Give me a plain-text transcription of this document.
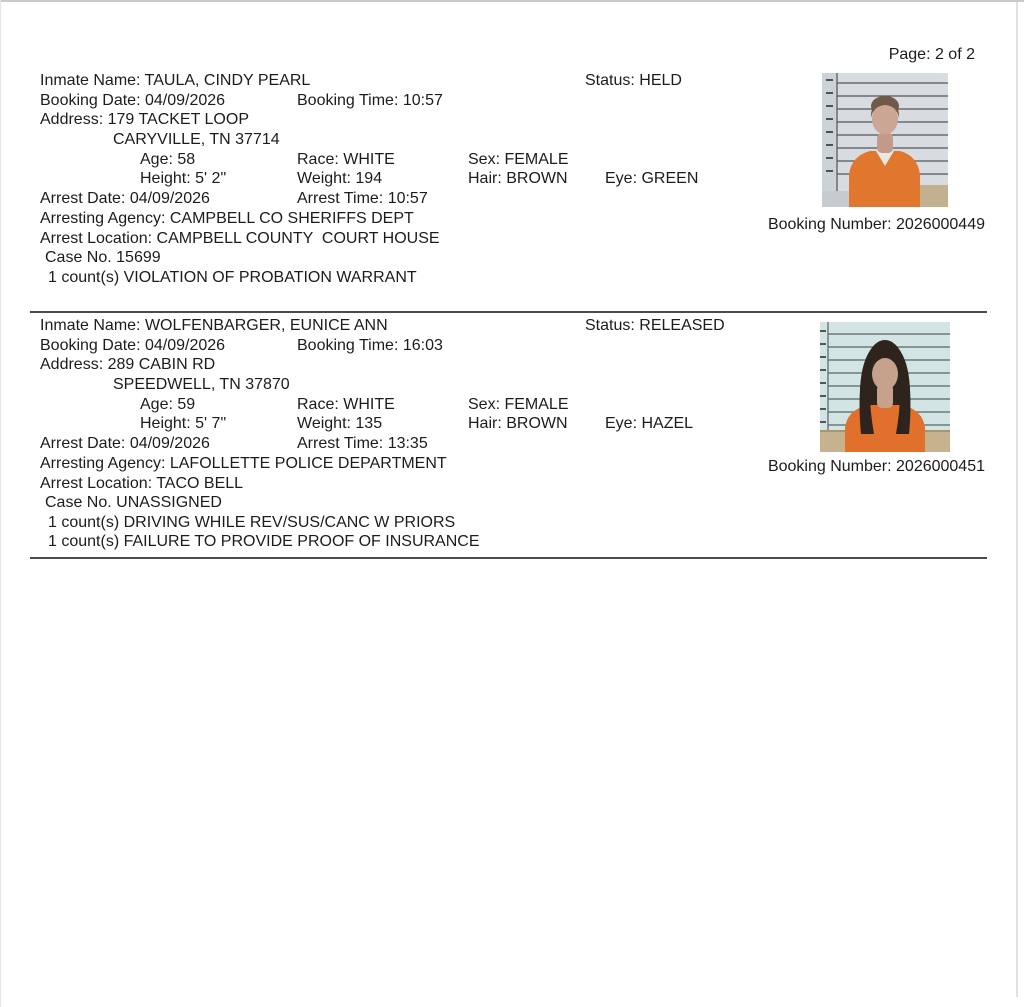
Page: 2 of 2
Inmate Name: TAULA, CINDY PEARL	Status: HELD
Booking Date: 04/09/2026	Booking Time: 10:57
Address: 179 TACKET LOOP
CARYVILLE, TN 37714
Age: 58	Race: WHITE	Sex: FEMALE
Height: 5' 2"	Weight: 194	Hair: BROWN Eye: GREEN
Arrest Date: 04/09/2026	Arrest Time: 10:57
Arresting Agency: CAMPBELL CO SHERIFFS DEPT
Arrest Location: CAMPBELL COUNTY  COURT HOUSE
Case No. 15699
1 count(s) VIOLATION OF PROBATION WARRANT
Booking Number: 2026000449
Inmate Name: WOLFENBARGER, EUNICE ANN	Status: RELEASED
Booking Date: 04/09/2026	Booking Time: 16:03
Address: 289 CABIN RD
SPEEDWELL, TN 37870
Age: 59	Race: WHITE	Sex: FEMALE
Height: 5' 7"	Weight: 135	Hair: BROWN Eye: HAZEL
Arrest Date: 04/09/2026	Arrest Time: 13:35
Arresting Agency: LAFOLLETTE POLICE DEPARTMENT
Arrest Location: TACO BELL
Case No. UNASSIGNED
1 count(s) DRIVING WHILE REV/SUS/CANC W PRIORS
1 count(s) FAILURE TO PROVIDE PROOF OF INSURANCE
Booking Number: 2026000451
